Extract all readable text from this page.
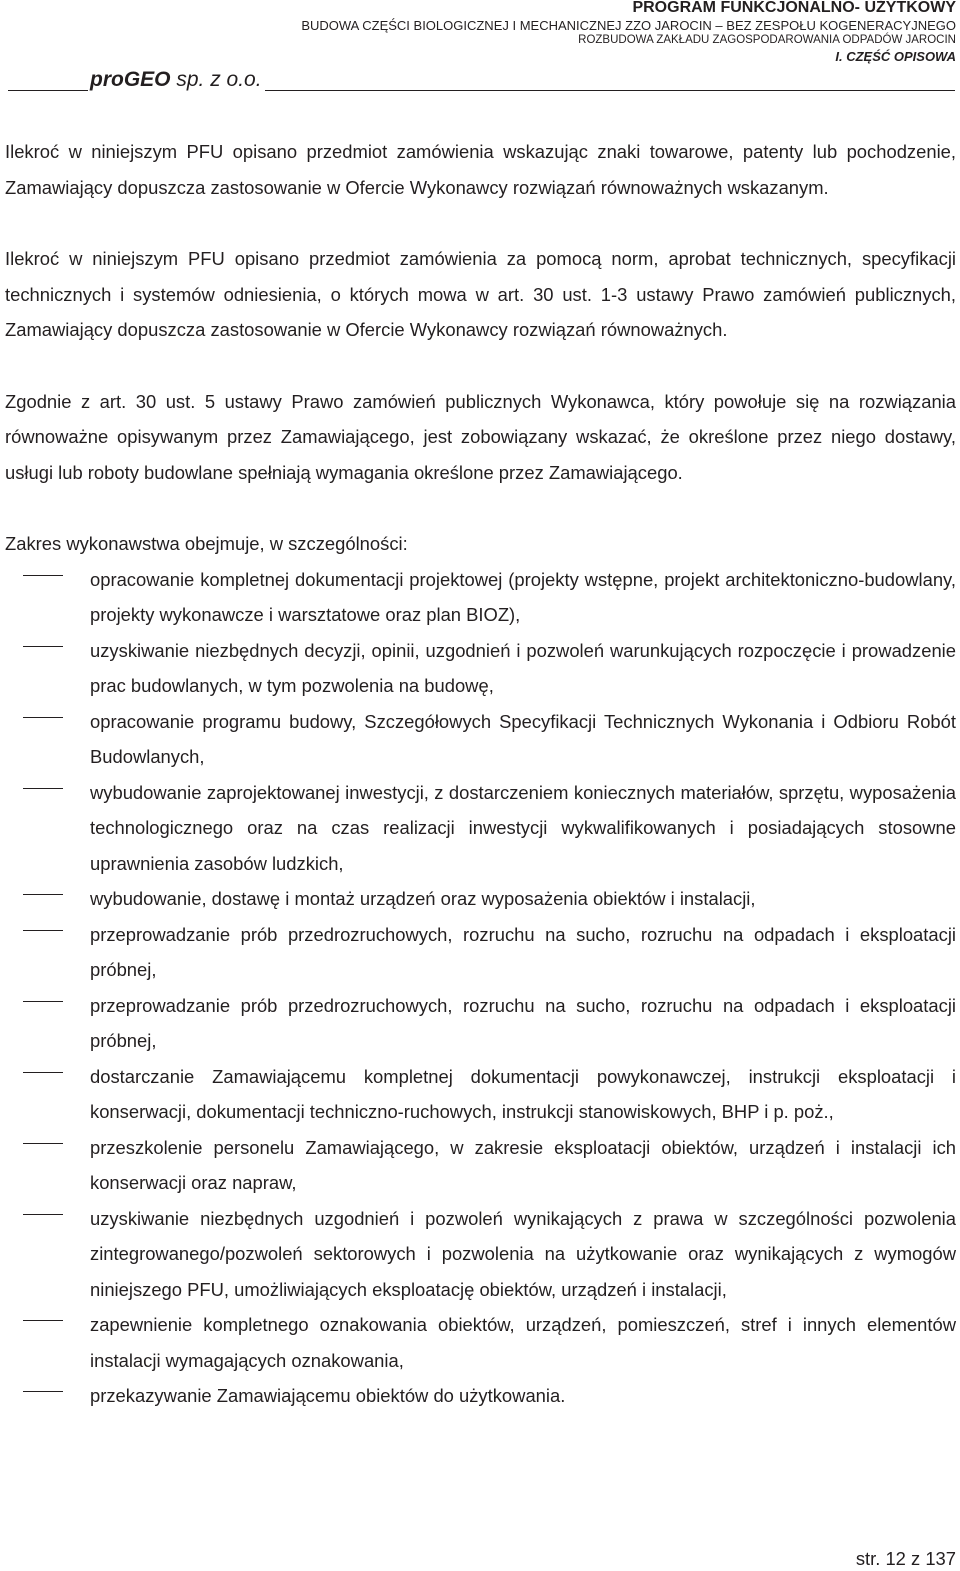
PROGRAM FUNKCJONALNO- UŻYTKOWY
BUDOWA CZĘŚCI BIOLOGICZNEJ I MECHANICZNEJ ZZO JAROCIN – BEZ ZESPOŁU KOGENERACYJNEGO
ROZBUDOWA ZAKŁADU ZAGOSPODAROWANIA ODPADÓW JAROCIN
I. CZĘŚĆ OPISOWA
proGEO sp. z o.o.

Ilekroć w niniejszym PFU opisano przedmiot zamówienia wskazując znaki towarowe, patenty lub pochodzenie, Zamawiający dopuszcza zastosowanie w Ofercie Wykonawcy rozwiązań równoważnych wskazanym.

Ilekroć w niniejszym PFU opisano przedmiot zamówienia za pomocą norm, aprobat technicznych, specyfikacji technicznych i systemów odniesienia, o których mowa w art. 30 ust. 1-3 ustawy Prawo zamówień publicznych, Zamawiający dopuszcza zastosowanie w Ofercie Wykonawcy rozwiązań równoważnych.

Zgodnie z art. 30 ust. 5 ustawy Prawo zamówień publicznych Wykonawca, który powołuje się na rozwiązania równoważne opisywanym przez Zamawiającego, jest zobowiązany wskazać, że określone przez niego dostawy, usługi lub roboty budowlane spełniają wymagania określone przez Zamawiającego.

Zakres wykonawstwa obejmuje, w szczególności:

opracowanie kompletnej dokumentacji projektowej (projekty wstępne, projekt architektoniczno-budowlany, projekty wykonawcze i warsztatowe oraz plan BIOZ),
uzyskiwanie niezbędnych decyzji, opinii, uzgodnień i pozwoleń warunkujących rozpoczęcie i prowadzenie prac budowlanych, w tym pozwolenia na budowę,
opracowanie programu budowy, Szczegółowych Specyfikacji Technicznych Wykonania i Odbioru Robót Budowlanych,
wybudowanie zaprojektowanej inwestycji, z dostarczeniem koniecznych materiałów, sprzętu, wyposażenia technologicznego oraz na czas realizacji inwestycji wykwalifikowanych i posiadających stosowne uprawnienia zasobów ludzkich,
wybudowanie, dostawę i montaż urządzeń oraz wyposażenia obiektów i instalacji,
przeprowadzanie prób przedrozruchowych, rozruchu na sucho, rozruchu na odpadach i eksploatacji próbnej,
przeprowadzanie prób przedrozruchowych, rozruchu na sucho, rozruchu na odpadach i eksploatacji próbnej,
dostarczanie Zamawiającemu kompletnej dokumentacji powykonawczej, instrukcji eksploatacji i konserwacji, dokumentacji techniczno-ruchowych, instrukcji stanowiskowych, BHP i p. poż.,
przeszkolenie personelu Zamawiającego, w zakresie eksploatacji obiektów, urządzeń i instalacji ich konserwacji oraz napraw,
uzyskiwanie niezbędnych uzgodnień i pozwoleń wynikających z prawa w szczególności pozwolenia zintegrowanego/pozwoleń sektorowych i pozwolenia na użytkowanie oraz wynikających z wymogów niniejszego PFU, umożliwiających eksploatację obiektów, urządzeń i instalacji,
zapewnienie kompletnego oznakowania obiektów, urządzeń, pomieszczeń, stref i innych elementów instalacji wymagających oznakowania,
przekazywanie Zamawiającemu obiektów do użytkowania.
str. 12 z 137
